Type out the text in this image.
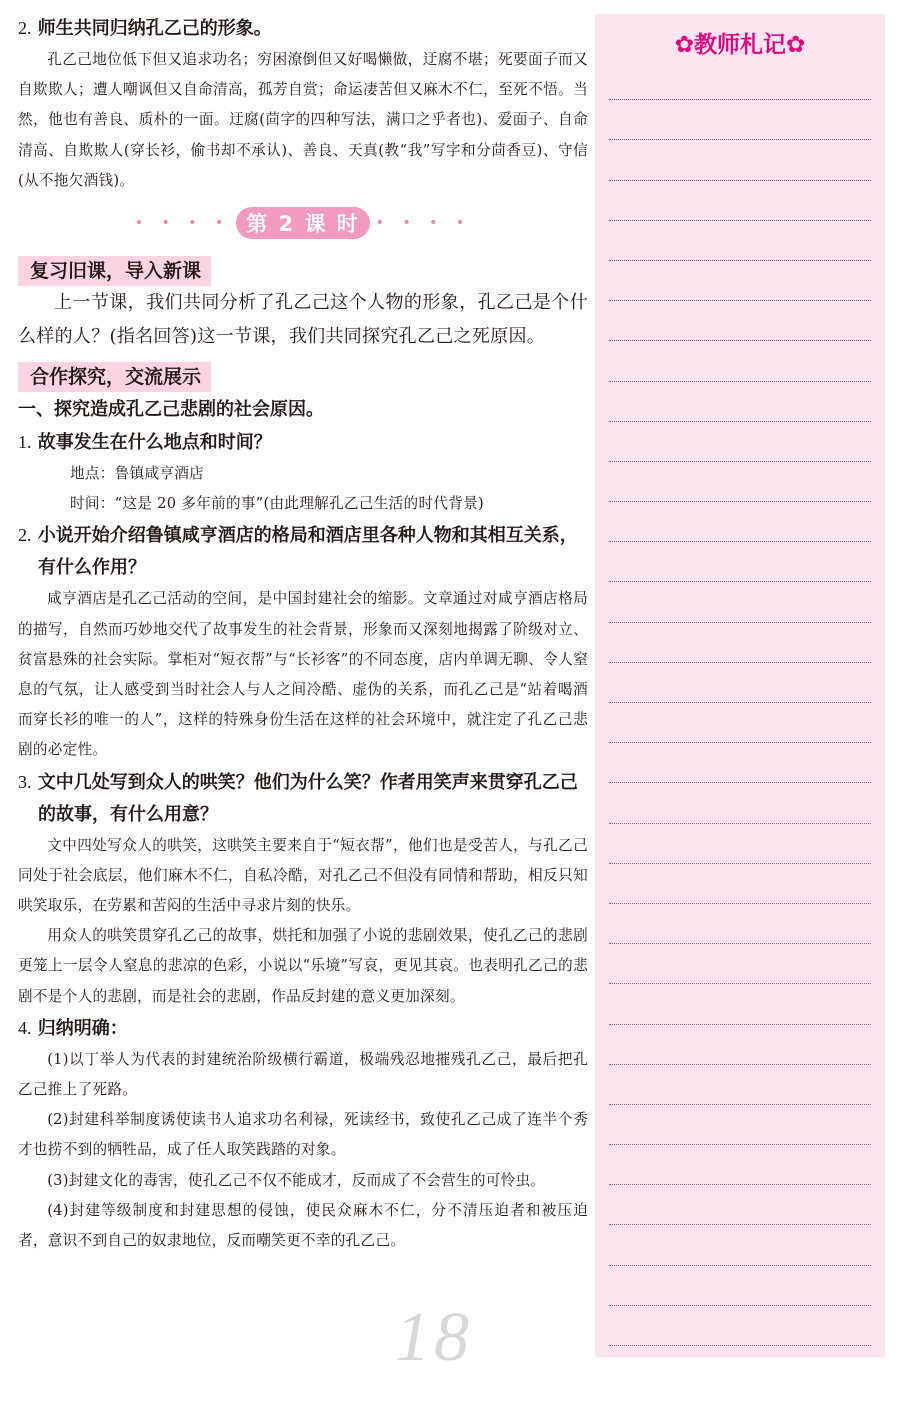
2. 师生共同归纳孔乙己的形象。

孔乙己地位低下但又追求功名；穷困潦倒但又好喝懒做，迂腐不堪；死要面子而又自欺欺人；遭人嘲讽但又自命清高，孤芳自赏；命运凄苦但又麻木不仁，至死不悟。当然，他也有善良、质朴的一面。迂腐(茴字的四种写法，满口之乎者也)、爱面子、自命清高、自欺欺人(穿长衫，偷书却不承认)、善良、天真(教“我”写字和分茴香豆)、守信(从不拖欠酒钱)。

• • • • 第 2 课 时	• • • •
复习旧课，导入新课

上一节课，我们共同分析了孔乙己这个人物的形象，孔乙己是个什么样的人？(指名回答)这一节课，我们共同探究孔乙己之死原因。

合作探究，交流展示
一、探究造成孔乙己悲剧的社会原因。
1. 故事发生在什么地点和时间？

地点：鲁镇咸亨酒店

时间：“这是 20 多年前的事”(由此理解孔乙己生活的时代背景)

2. 小说开始介绍鲁镇咸亨酒店的格局和酒店里各种人物和其相互关系，有什么作用？

咸亨酒店是孔乙己活动的空间，是中国封建社会的缩影。文章通过对咸亨酒店格局的描写，自然而巧妙地交代了故事发生的社会背景，形象而又深刻地揭露了阶级对立、贫富悬殊的社会实际。掌柜对“短衣帮”与“长衫客”的不同态度，店内单调无聊、令人窒息的气氛，让人感受到当时社会人与人之间冷酷、虚伪的关系，而孔乙己是“站着喝酒而穿长衫的唯一的人”，这样的特殊身份生活在这样的社会环境中，就注定了孔乙己悲剧的必定性。

3. 文中几处写到众人的哄笑？他们为什么笑？作者用笑声来贯穿孔乙己的故事，有什么用意？

文中四处写众人的哄笑，这哄笑主要来自于“短衣帮”，他们也是受苦人，与孔乙己同处于社会底层，他们麻木不仁，自私冷酷，对孔乙己不但没有同情和帮助，相反只知哄笑取乐，在劳累和苦闷的生活中寻求片刻的快乐。

用众人的哄笑贯穿孔乙己的故事，烘托和加强了小说的悲剧效果，使孔乙己的悲剧更笼上一层令人窒息的悲凉的色彩，小说以“乐境”写哀，更见其哀。也表明孔乙己的悲剧不是个人的悲剧，而是社会的悲剧，作品反封建的意义更加深刻。

4. 归纳明确：

(1)以丁举人为代表的封建统治阶级横行霸道，极端残忍地摧残孔乙己，最后把孔乙己推上了死路。

(2)封建科举制度诱使读书人追求功名利禄，死读经书，致使孔乙己成了连半个秀才也捞不到的牺牲品，成了任人取笑践踏的对象。

(3)封建文化的毒害，使孔乙己不仅不能成才，反而成了不会营生的可怜虫。

(4)封建等级制度和封建思想的侵蚀，使民众麻木不仁，分不清压迫者和被压迫者，意识不到自己的奴隶地位，反而嘲笑更不幸的孔乙己。

✿教师札记✿
18
